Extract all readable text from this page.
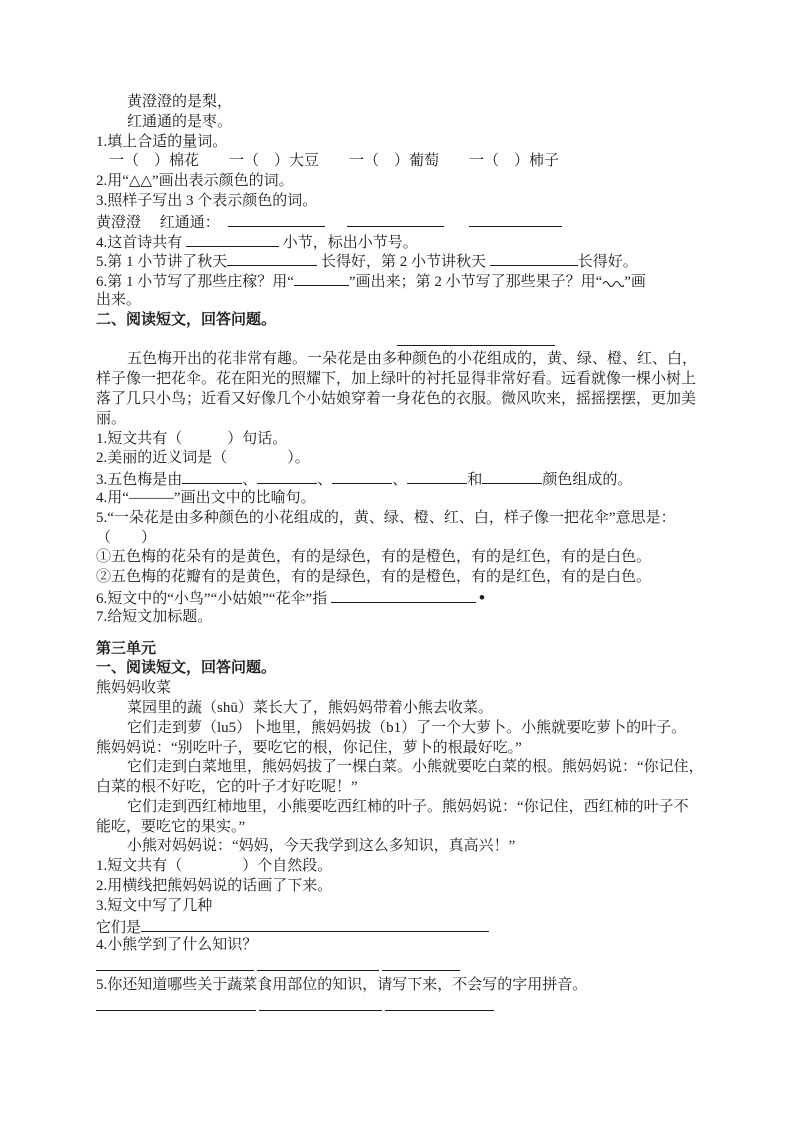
黄澄澄的是梨，
红通通的是枣。
1.填上合适的量词。
一（　）棉花　　一（　）大豆　　一（　）葡萄　　一（　）柿子
2.用“△△”画出表示颜色的词。
3.照样子写出 3 个表示颜色的词。
黄澄澄　 红通通：
4.这首诗共有	小节，标出小节号。
5.第 1 小节讲了秋天	长得好，第 2 小节讲秋天	长得好。
6.第 1 小节写了那些庄稼？用“	”画出来；第 2 小节写了那些果子？用“ ”画
出来。
二、阅读短文，回答问题。
五色梅开出的花非常有趣。一朵花是由多种颜色的小花组成的，黄、绿、橙、红、白，
样子像一把花伞。花在阳光的照耀下，加上绿叶的衬托显得非常好看。远看就像一棵小树上
落了几只小鸟；近看又好像几个小姑娘穿着一身花色的衣服。微风吹来，摇摇摆摆，更加美
丽。
1.短文共有（　　　）句话。
2.美丽的近义词是（　　　　）。
3.五色梅是由	、	、	、	和	颜色组成的。
4.用“———”画出文中的比喻句。
5.“一朵花是由多种颜色的小花组成的，黄、绿、橙、红、白，样子像一把花伞”意思是：
（　　）
①五色梅的花朵有的是黄色，有的是绿色，有的是橙色，有的是红色，有的是白色。
②五色梅的花瓣有的是黄色，有的是绿色，有的是橙色，有的是红色，有的是白色。
6.短文中的“小鸟”“小姑娘”“花伞”指	•
7.给短文加标题。
第三单元
一、阅读短文，回答问题。
熊妈妈收菜
菜园里的蔬（shū）菜长大了，熊妈妈带着小熊去收菜。
它们走到萝（lu5）卜地里，熊妈妈拔（b1）了一个大萝卜。小熊就要吃萝卜的叶子。
熊妈妈说：“别吃叶子，要吃它的根，你记住，萝卜的根最好吃。”
它们走到白菜地里，熊妈妈拔了一棵白菜。小熊就要吃白菜的根。熊妈妈说：“你记住，
白菜的根不好吃，它的叶子才好吃呢！”
它们走到西红柿地里，小熊要吃西红柿的叶子。熊妈妈说：“你记住，西红柿的叶子不
能吃，要吃它的果实。”
小熊对妈妈说：“妈妈，今天我学到这么多知识，真高兴！”
1.短文共有（　　　　）个自然段。
2.用横线把熊妈妈说的话画了下来。
3.短文中写了几种
它们是
4.小熊学到了什么知识？
5.你还知道哪些关于蔬菜食用部位的知识，请写下来，不会写的字用拼音。
